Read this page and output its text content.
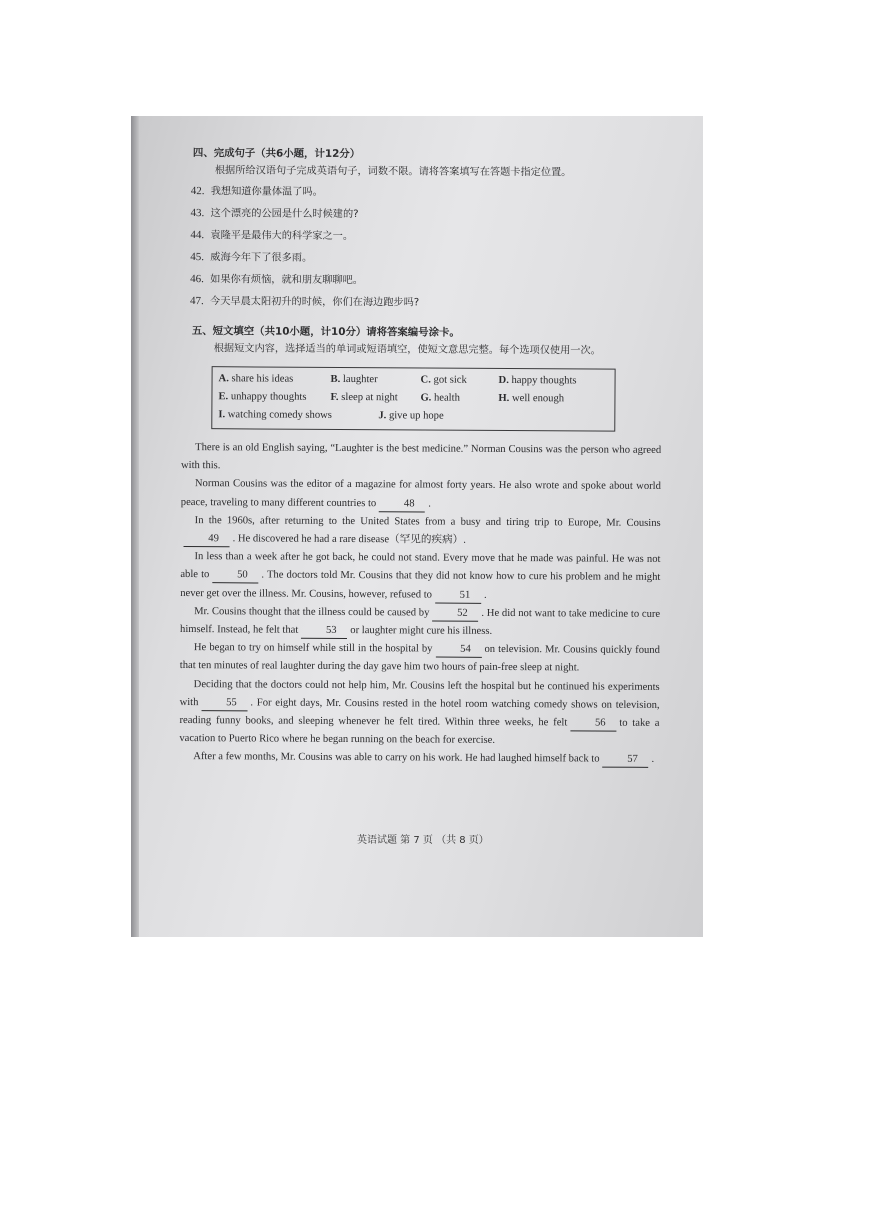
四、完成句子（共6小题，计12分）
根据所给汉语句子完成英语句子，词数不限。请将答案填写在答题卡指定位置。
42. 我想知道你量体温了吗。
43. 这个漂亮的公园是什么时候建的?
44. 袁隆平是最伟大的科学家之一。
45. 威海今年下了很多雨。
46. 如果你有烦恼，就和朋友聊聊吧。
47. 今天早晨太阳初升的时候，你们在海边跑步吗?
五、短文填空（共10小题，计10分）请将答案编号涂卡。
根据短文内容，选择适当的单词或短语填空，使短文意思完整。每个选项仅使用一次。
A. share his ideas	B. laughter	C. got sick	D. happy thoughts
E. unhappy thoughts	F. sleep at night	G. health	H. well enough
I. watching comedy shows	J. give up hope

There is an old English saying, “Laughter is the best medicine.” Norman Cousins was the person who agreed with this.

Norman Cousins was the editor of a magazine for almost forty years. He also wrote and spoke about world peace, traveling to many different countries to	48 .

In the 1960s, after returning to the United States from a busy and tiring trip to Europe, Mr. Cousins49 . He discovered he had a rare disease（罕见的疾病）.

In less than a week after he got back, he could not stand. Every move that he made was painful. He was not able to	50 . The doctors told Mr. Cousins that they did not know how to cure his problem and he might never get over the illness. Mr. Cousins, however, refused to	51 .

Mr. Cousins thought that the illness could be caused by	52 . He did not want to take medicine to cure himself. Instead, he felt that	53 or laughter might cure his illness.

He began to try on himself while still in the hospital by	54 on television. Mr. Cousins quickly found that ten minutes of real laughter during the day gave him two hours of pain-free sleep at night.

Deciding that the doctors could not help him, Mr. Cousins left the hospital but he continued his experiments with	55 . For eight days, Mr. Cousins rested in the hotel room watching comedy shows on television, reading funny books, and sleeping whenever he felt tired. Within three weeks, he felt	56 to take a vacation to Puerto Rico where he began running on the beach for exercise.

After a few months, Mr. Cousins was able to carry on his work. He had laughed himself back to	57 .

英语试题 第 7 页 （共 8 页）
